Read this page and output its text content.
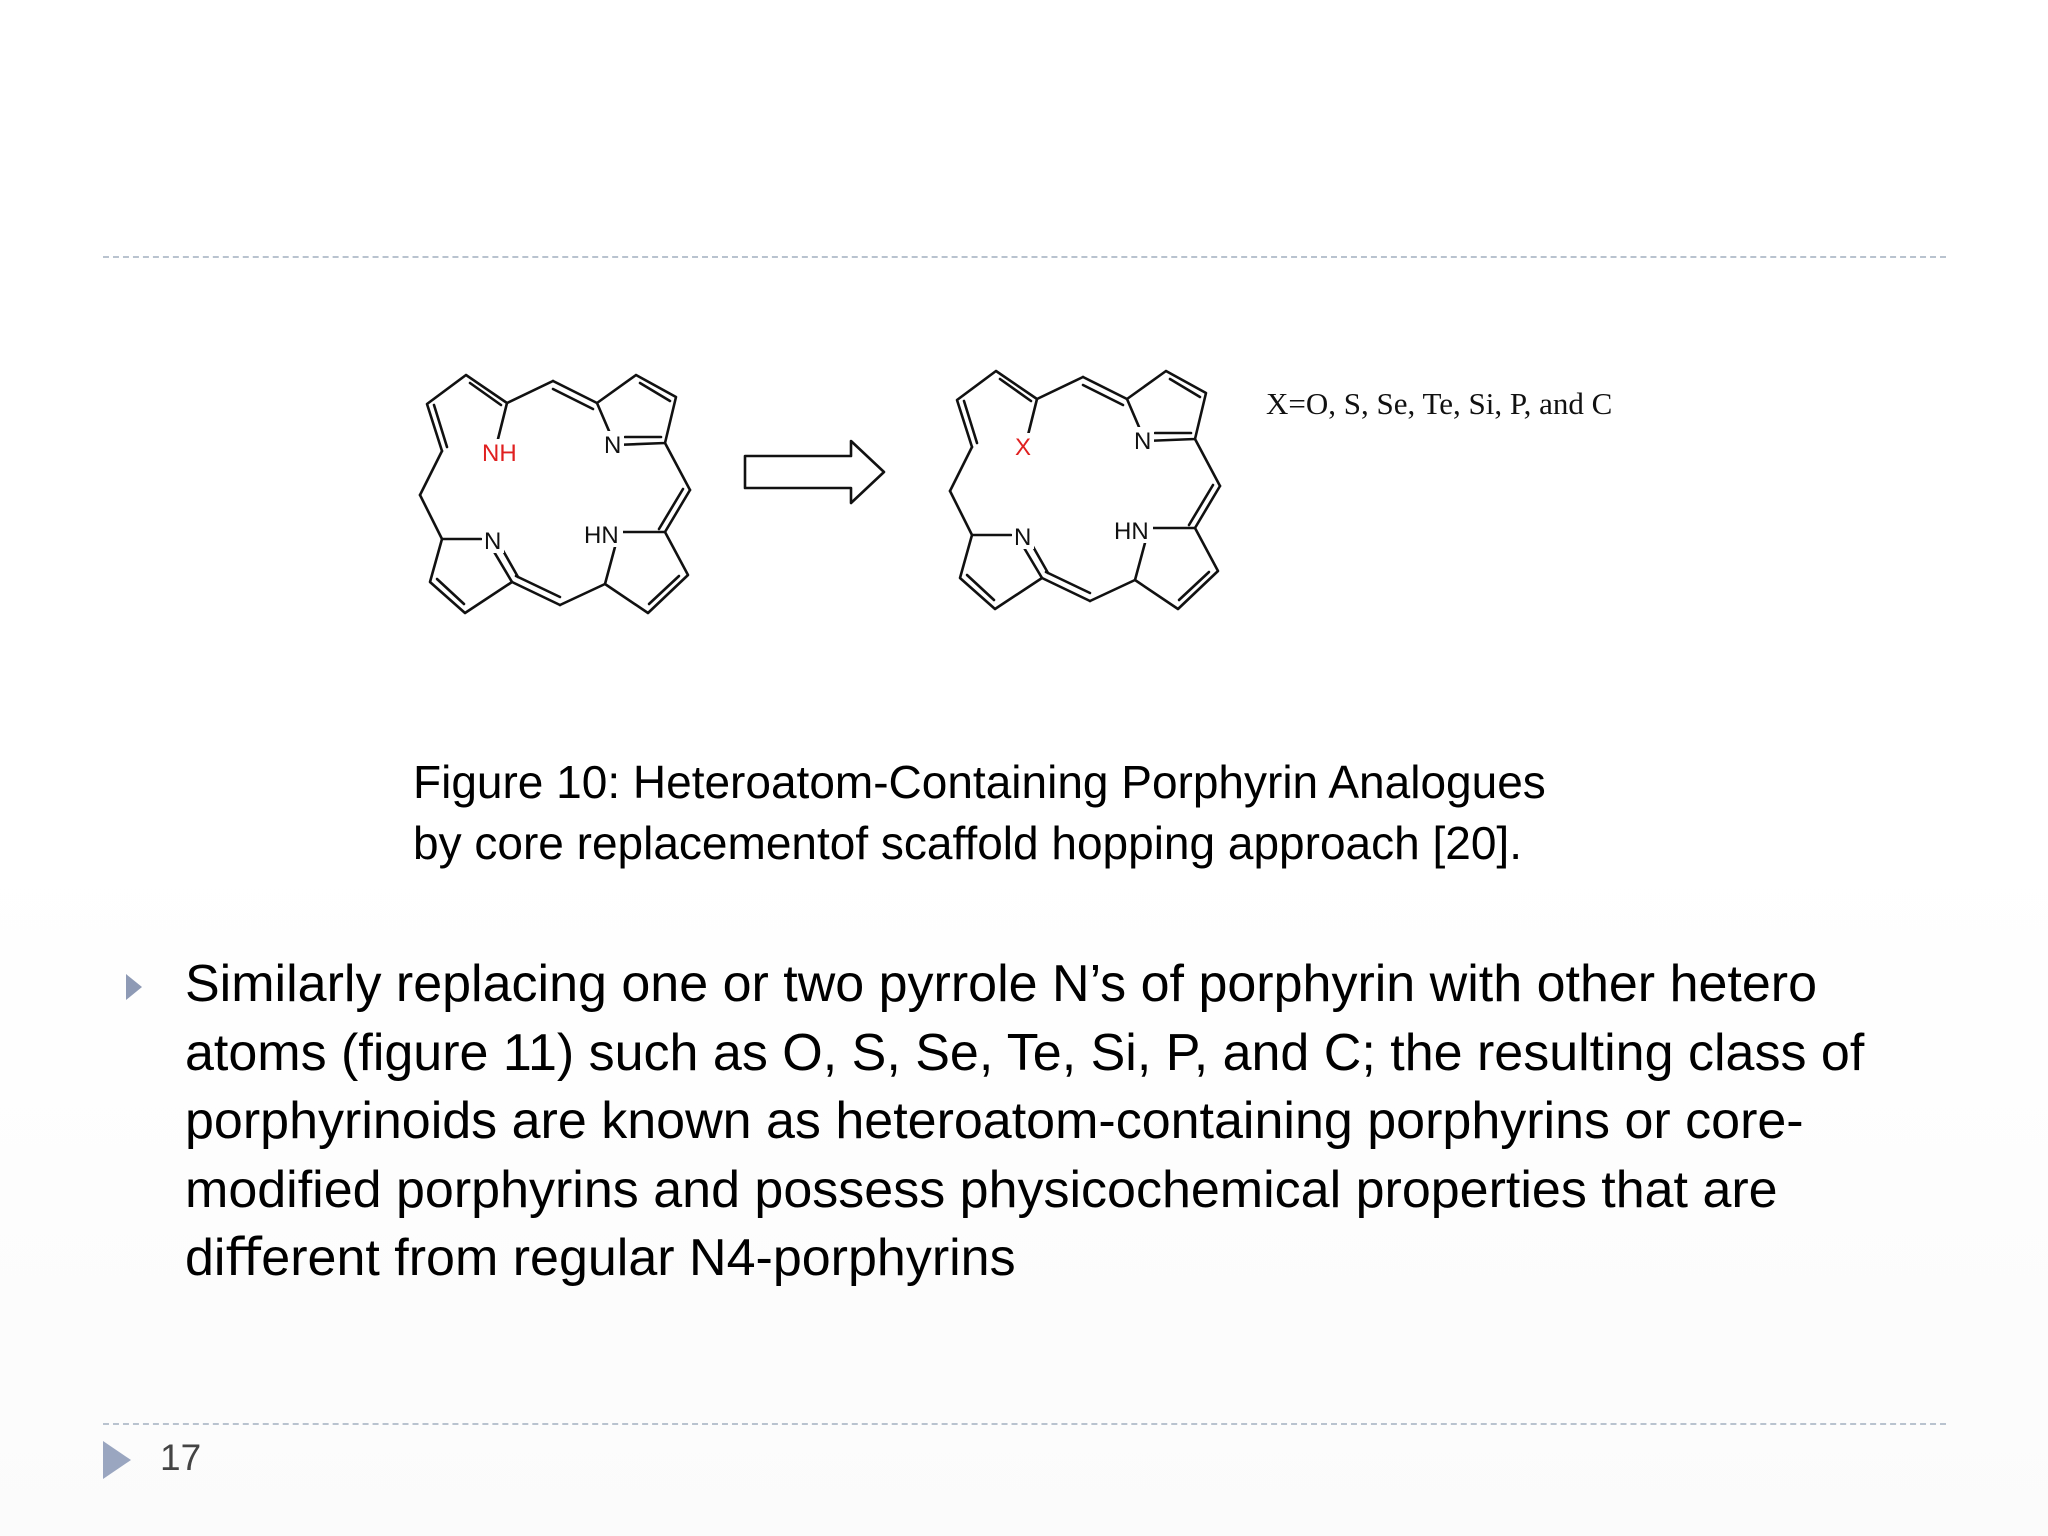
NH	N
N	HN
X	N
N	HN
X=O, S, Se, Te, Si, P, and C
Figure 10: Heteroatom-Containing Porphyrin Analogues by core replacementof scaffold hopping approach [20].
Similarly replacing one or two pyrrole N’s of porphyrin with other hetero atoms (figure 11) such as O, S, Se, Te, Si, P, and C; the resulting class of porphyrinoids are known as heteroatom-containing porphyrins or core-modified porphyrins and possess physicochemical properties that are diﬀerent from regular N4-porphyrins
17
